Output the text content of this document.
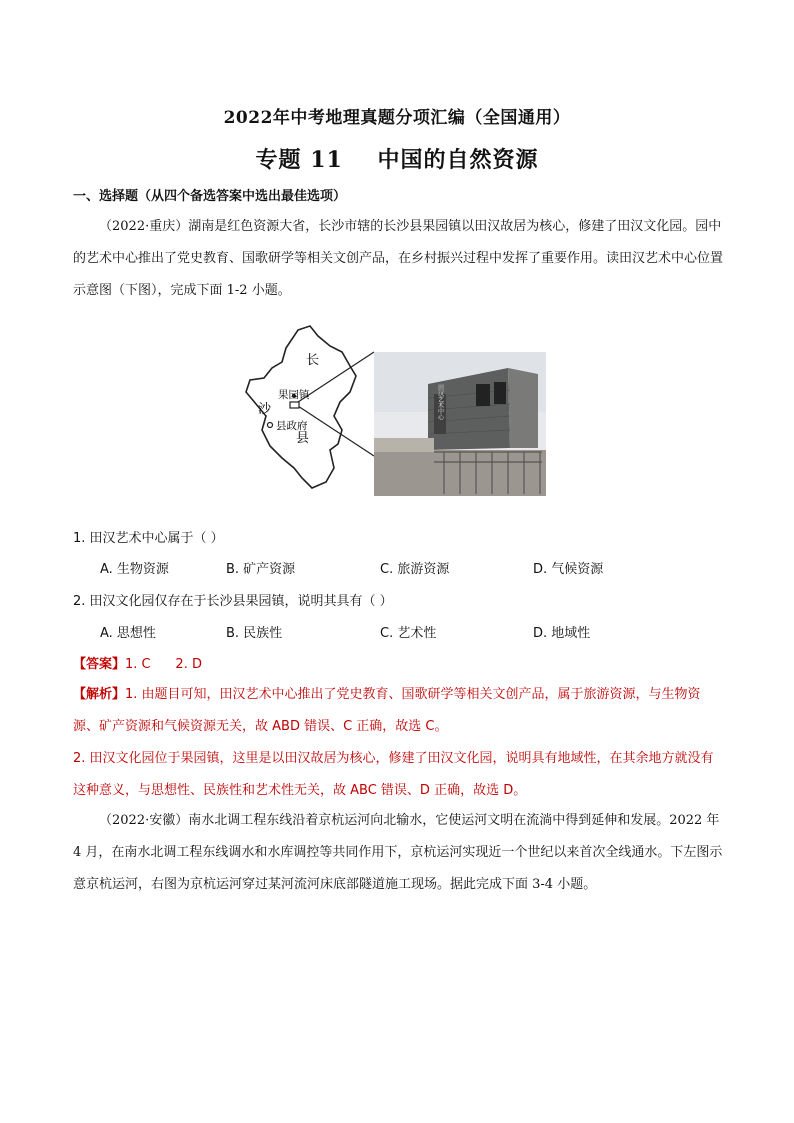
2022年中考地理真题分项汇编（全国通用）
专题 11    中国的自然资源
一、选择题（从四个备选答案中选出最佳选项）
（2022·重庆）湖南是红色资源大省，长沙市辖的长沙县果园镇以田汉故居为核心，修建了田汉文化园。园中的艺术中心推出了党史教育、国歌研学等相关文创产品，在乡村振兴过程中发挥了重要作用。读田汉艺术中心位置示意图（下图），完成下面 1-2 小题。
长
沙
县
果园镇
县政府
田汉艺术中心
1. 田汉艺术中心属于（ ）
A. 生物资源	B. 矿产资源	C. 旅游资源	D. 气候资源
2. 田汉文化园仅存在于长沙县果园镇，说明其具有（ ）
A. 思想性	B. 民族性	C. 艺术性	D. 地域性
【答案】1. C      2. D
【解析】1. 由题目可知，田汉艺术中心推出了党史教育、国歌研学等相关文创产品，属于旅游资源，与生物资源、矿产资源和气候资源无关，故 ABD 错误、C 正确，故选 C。
2. 田汉文化园位于果园镇，这里是以田汉故居为核心，修建了田汉文化园，说明具有地域性，在其余地方就没有这种意义，与思想性、民族性和艺术性无关，故 ABC 错误、D 正确，故选 D。
（2022·安徽）南水北调工程东线沿着京杭运河向北输水，它使运河文明在流淌中得到延伸和发展。2022 年 4 月，在南水北调工程东线调水和水库调控等共同作用下，京杭运河实现近一个世纪以来首次全线通水。下左图示意京杭运河，右图为京杭运河穿过某河流河床底部隧道施工现场。据此完成下面 3-4 小题。
